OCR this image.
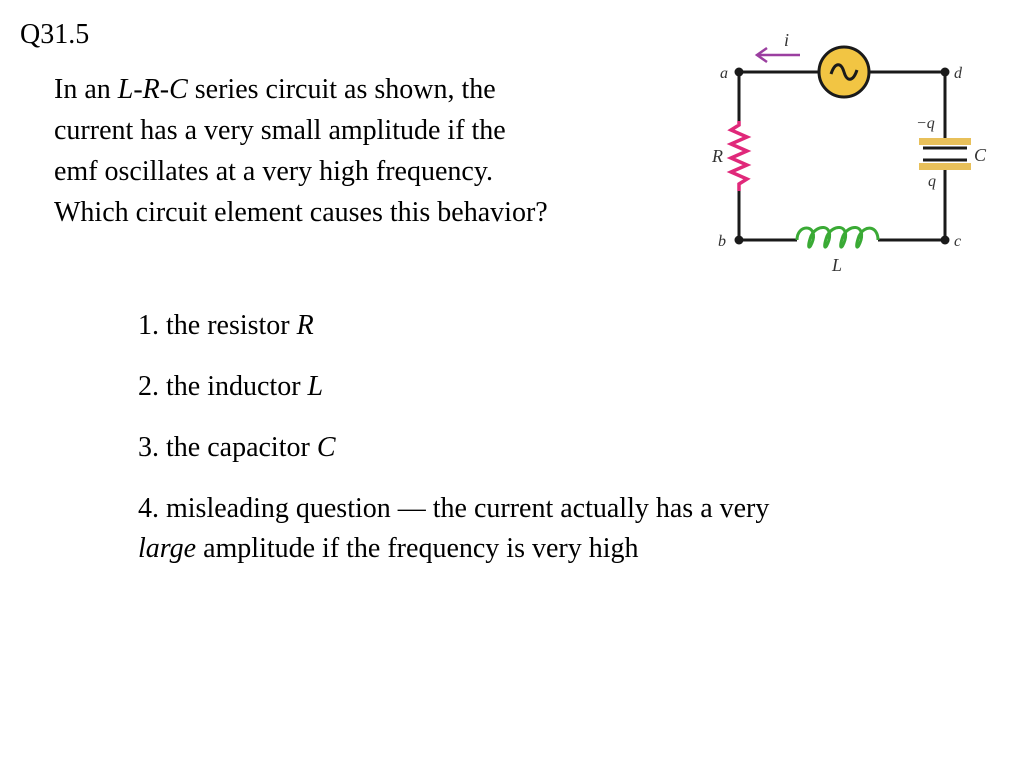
Q31.5
In an L-R-C series circuit as shown, the
current has a very small amplitude if the
emf oscillates at a very high frequency.
Which circuit element causes this behavior?
i
R
L
C
−q
q
a	d
b	c
1. the resistor R
2. the inductor L
3. the capacitor C
4. misleading question — the current actually has a very
large amplitude if the frequency is very high
